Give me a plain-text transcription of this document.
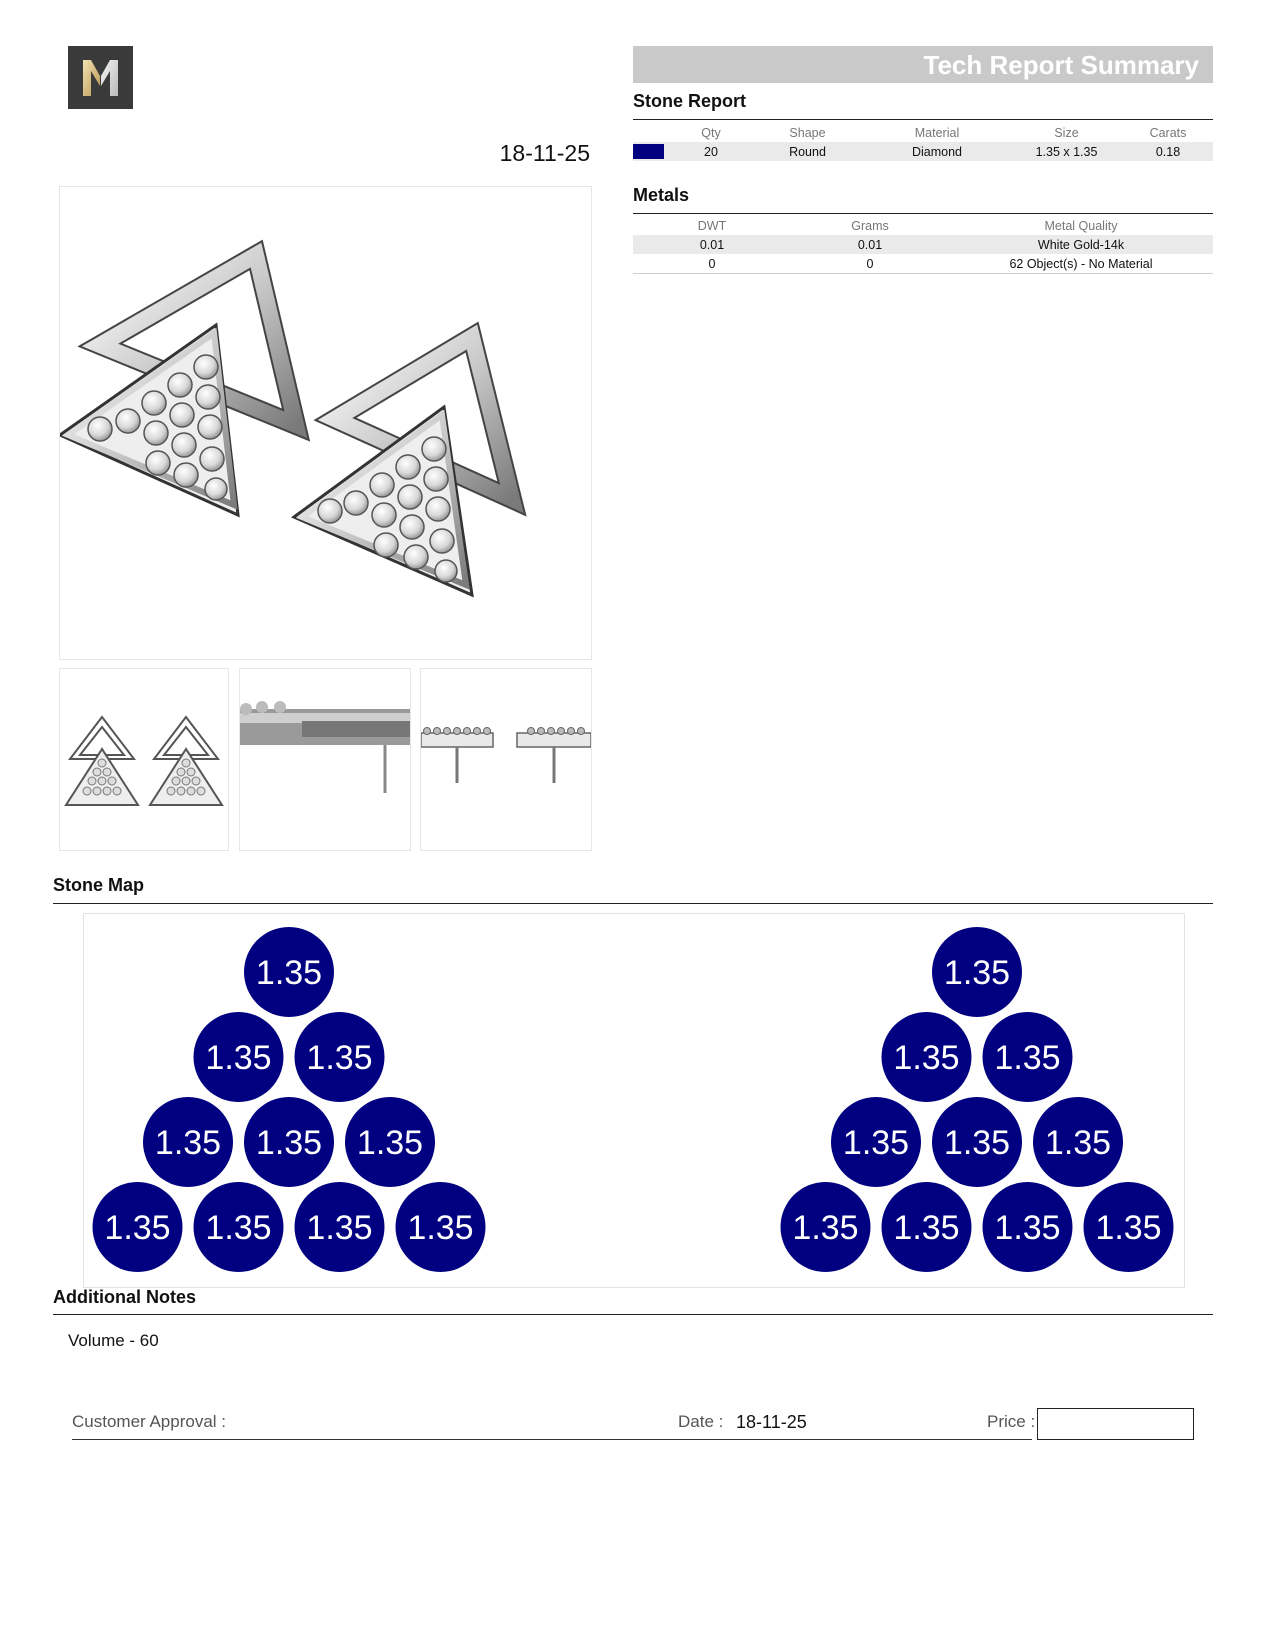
18-11-25
Tech Report Summary
Stone Report
	Qty	Shape	Material	Size	Carats
	20	Round	Diamond	1.35 x 1.35	0.18
Metals
DWT	Grams	Metal Quality
0.01	0.01	White Gold-14k
0	0	62 Object(s) - No Material
Stone Map
1.35
1.35 1.35
1.35 1.35 1.35
1.35 1.35 1.35 1.35
1.35
1.35 1.35
1.35 1.35 1.35
1.35 1.35 1.35 1.35
Additional Notes
Volume - 60
Customer Approval :	Date : 18-11-25	Price :
